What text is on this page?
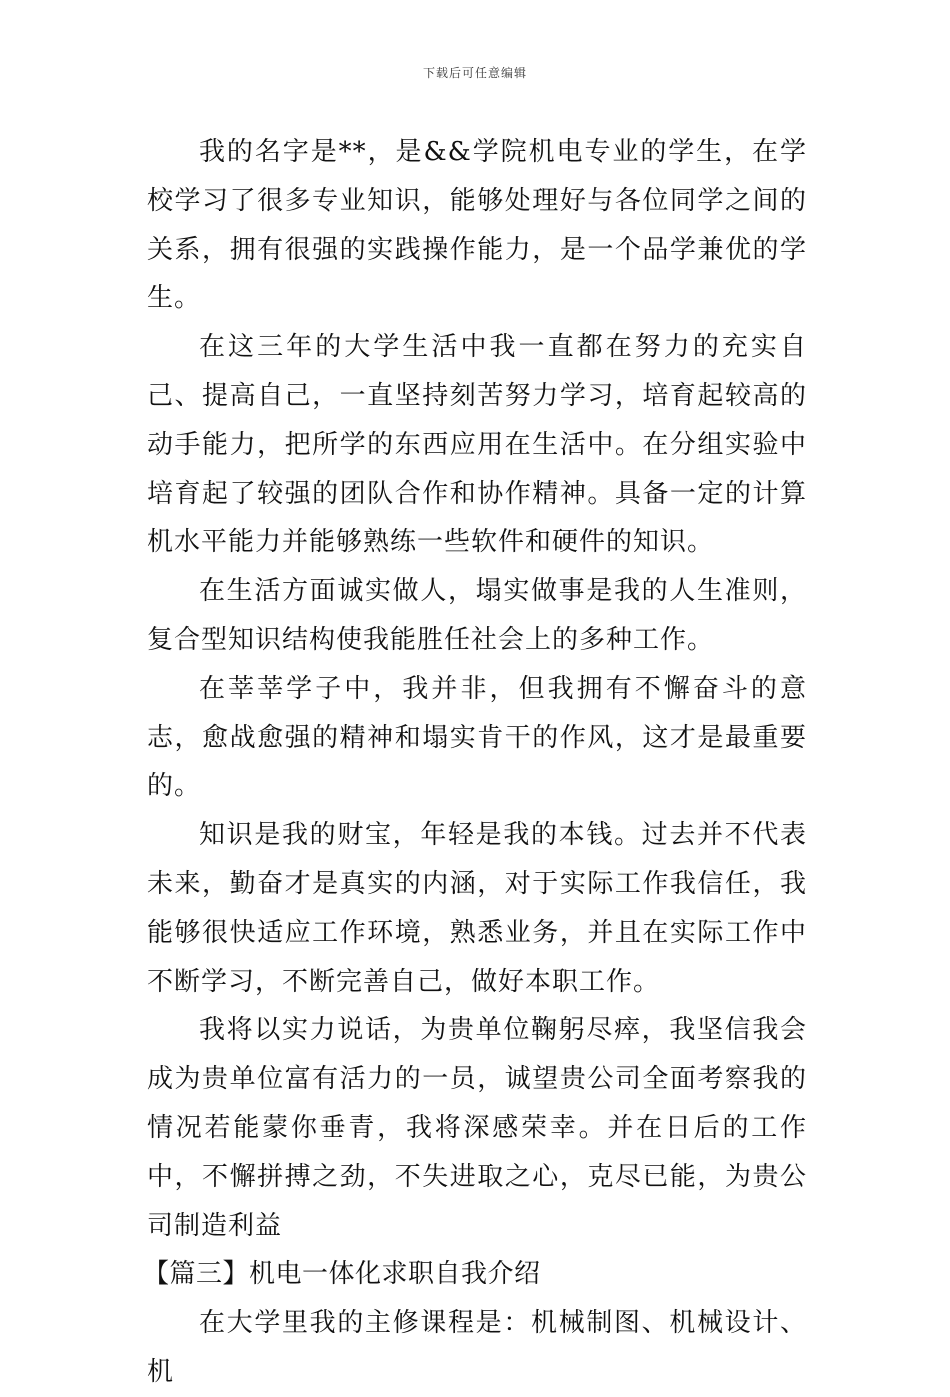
下载后可任意编辑

我的名字是**，是&&学院机电专业的学生，在学校学习了很多专业知识，能够处理好与各位同学之间的关系，拥有很强的实践操作能力，是一个品学兼优的学生。

在这三年的大学生活中我一直都在努力的充实自己、提高自己，一直坚持刻苦努力学习，培育起较高的动手能力，把所学的东西应用在生活中。在分组实验中培育起了较强的团队合作和协作精神。具备一定的计算机水平能力并能够熟练一些软件和硬件的知识。

在生活方面诚实做人，塌实做事是我的人生准则，复合型知识结构使我能胜任社会上的多种工作。

在莘莘学子中，我并非，但我拥有不懈奋斗的意志，愈战愈强的精神和塌实肯干的作风，这才是最重要的。

知识是我的财宝，年轻是我的本钱。过去并不代表未来，勤奋才是真实的内涵，对于实际工作我信任，我能够很快适应工作环境，熟悉业务，并且在实际工作中不断学习，不断完善自己，做好本职工作。

我将以实力说话，为贵单位鞠躬尽瘁，我坚信我会成为贵单位富有活力的一员，诚望贵公司全面考察我的情况若能蒙你垂青，我将深感荣幸。并在日后的工作中，不懈拼搏之劲，不失进取之心，克尽已能，为贵公司制造利益

【篇三】机电一体化求职自我介绍

在大学里我的主修课程是：机械制图、机械设计、机
